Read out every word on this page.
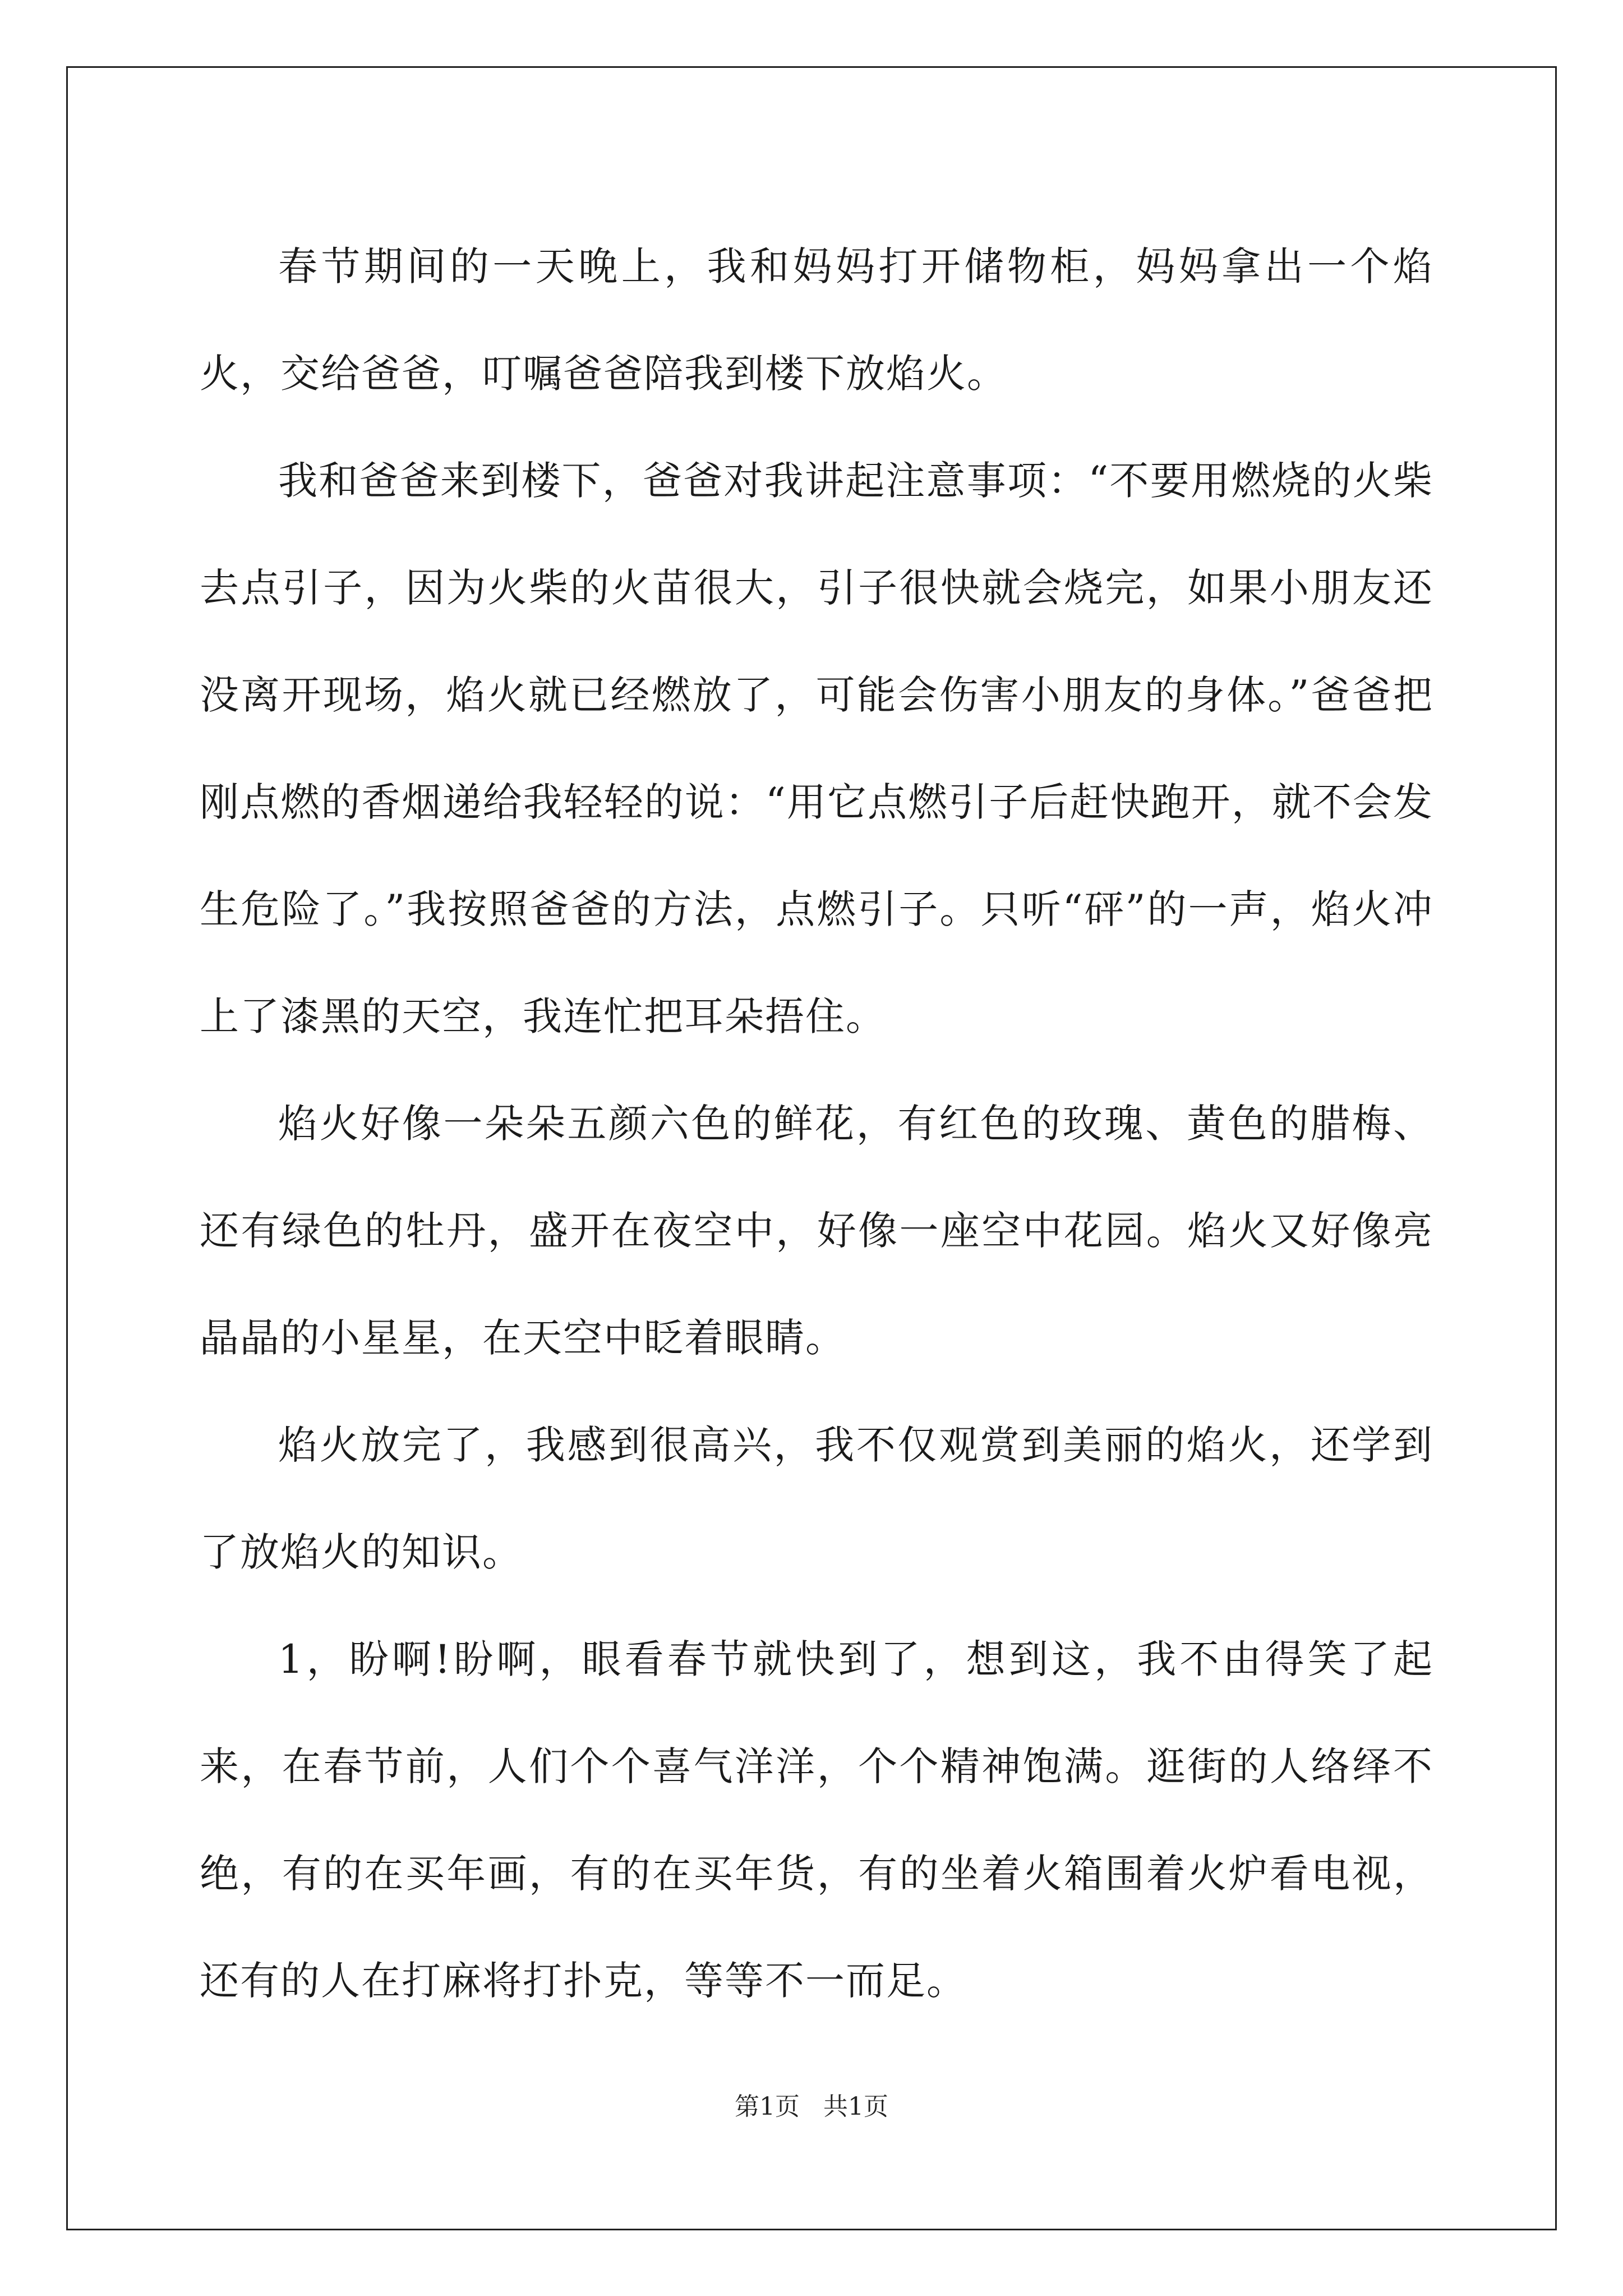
春节期间的一天晚上，我和妈妈打开储物柜，妈妈拿出一个焰火，交给爸爸，叮嘱爸爸陪我到楼下放焰火。

我和爸爸来到楼下，爸爸对我讲起注意事项：“不要用燃烧的火柴去点引子，因为火柴的火苗很大，引子很快就会烧完，如果小朋友还没离开现场，焰火就已经燃放了，可能会伤害小朋友的身体。”爸爸把刚点燃的香烟递给我轻轻的说：“用它点燃引子后赶快跑开，就不会发生危险了。”我按照爸爸的方法，点燃引子。只听“砰”的一声，焰火冲上了漆黑的天空，我连忙把耳朵捂住。

焰火好像一朵朵五颜六色的鲜花，有红色的玫瑰、黄色的腊梅、还有绿色的牡丹，盛开在夜空中，好像一座空中花园。焰火又好像亮晶晶的小星星，在天空中眨着眼睛。

焰火放完了，我感到很高兴，我不仅观赏到美丽的焰火，还学到了放焰火的知识。

1，盼啊!盼啊，眼看春节就快到了，想到这，我不由得笑了起来，在春节前，人们个个喜气洋洋，个个精神饱满。逛街的人络绎不绝，有的在买年画，有的在买年货，有的坐着火箱围着火炉看电视，还有的人在打麻将打扑克，等等不一而足。

第1页 共1页
